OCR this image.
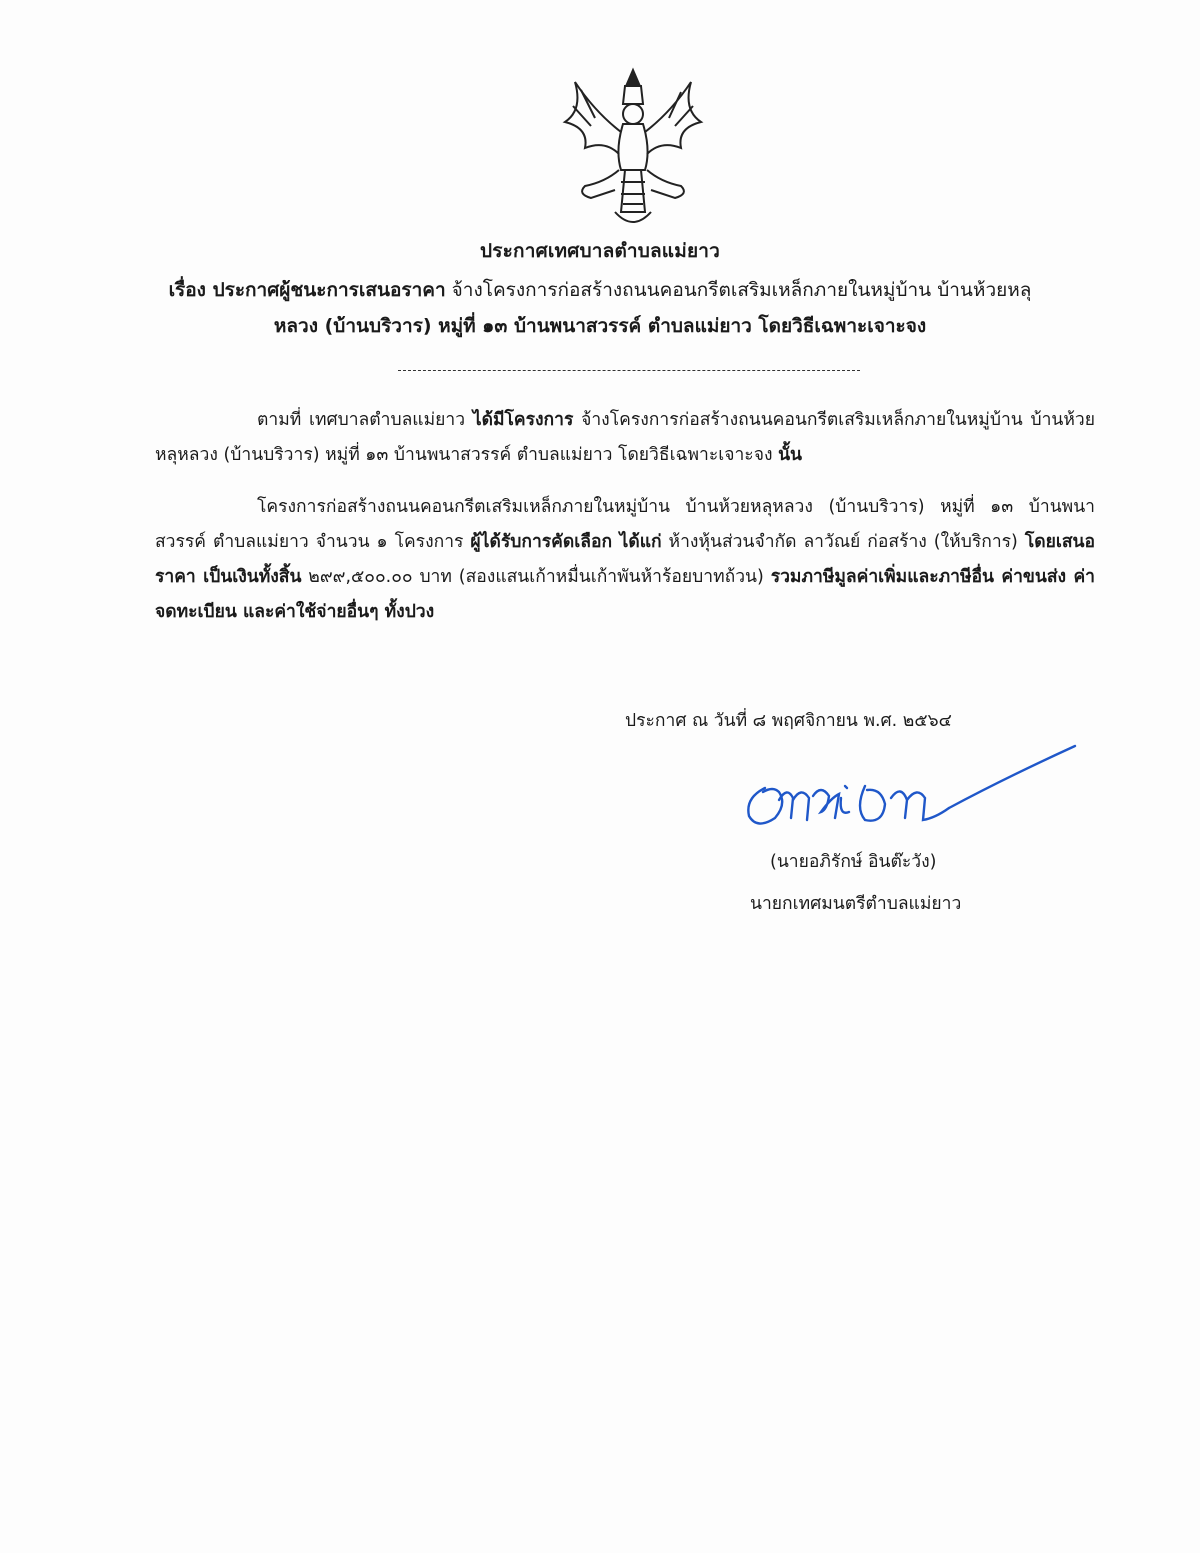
ประกาศเทศบาลตำบลแม่ยาว
เรื่อง ประกาศผู้ชนะการเสนอราคา จ้างโครงการก่อสร้างถนนคอนกรีตเสริมเหล็กภายในหมู่บ้าน บ้านห้วยหลุ
หลวง (บ้านบริวาร) หมู่ที่ ๑๓ บ้านพนาสวรรค์ ตำบลแม่ยาว โดยวิธีเฉพาะเจาะจง
ตามที่ เทศบาลตำบลแม่ยาว ได้มีโครงการ จ้างโครงการก่อสร้างถนนคอนกรีตเสริมเหล็กภายในหมู่บ้าน บ้านห้วยหลุหลวง (บ้านบริวาร) หมู่ที่ ๑๓ บ้านพนาสวรรค์ ตำบลแม่ยาว โดยวิธีเฉพาะเจาะจง นั้น
โครงการก่อสร้างถนนคอนกรีตเสริมเหล็กภายในหมู่บ้าน บ้านห้วยหลุหลวง (บ้านบริวาร) หมู่ที่ ๑๓ บ้านพนาสวรรค์ ตำบลแม่ยาว จำนวน ๑ โครงการ ผู้ได้รับการคัดเลือก ได้แก่ ห้างหุ้นส่วนจำกัด ลาวัณย์ ก่อสร้าง (ให้บริการ) โดยเสนอราคา เป็นเงินทั้งสิ้น ๒๙๙,๕๐๐.๐๐ บาท (สองแสนเก้าหมื่นเก้าพันห้าร้อยบาทถ้วน) รวมภาษีมูลค่าเพิ่มและภาษีอื่น ค่าขนส่ง ค่าจดทะเบียน และค่าใช้จ่ายอื่นๆ ทั้งปวง
ประกาศ ณ วันที่ ๘ พฤศจิกายน พ.ศ. ๒๕๖๔
(นายอภิรักษ์ อินต๊ะวัง)
นายกเทศมนตรีตำบลแม่ยาว
